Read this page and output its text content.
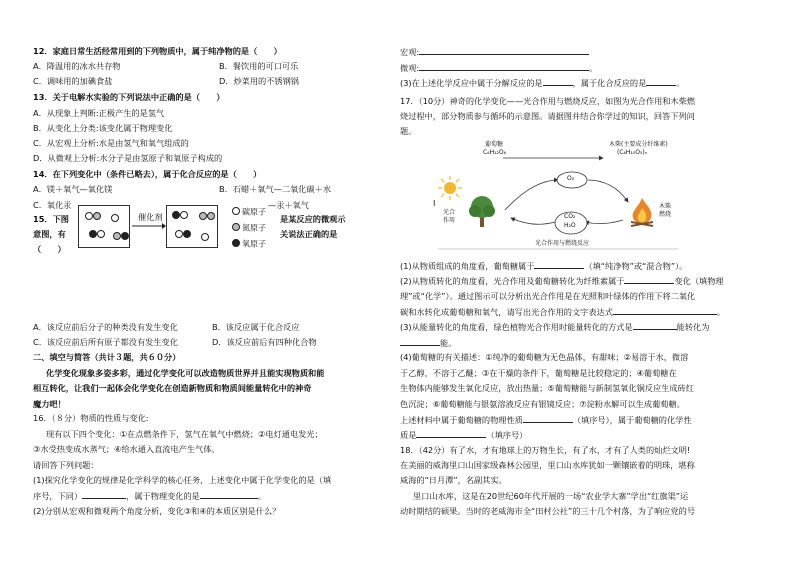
12．家庭日常生活经常用到的下列物质中，属于纯净物的是（　　）
A．降温用的冰水共存物	B．餐饮用的可口可乐
C．调味用的加碘食盐	D．炒菜用的不锈钢锅
13．关于电解水实验的下列说法中正确的是（　　）
A．从现象上判断:正极产生的是氢气
B．从变化上分类:该变化属于物理变化
C．从宏观上分析:水是由氢气和氧气组成的
D．从微观上分析:水分子是由氢原子和氧原子构成的
14．在下列变化中（条件已略去），属于化合反应的是（　　）
A．镁＋氧气—氧化镁	B．石蜡＋氧气—二氧化碳＋水
C．氧化汞	—汞＋氧气
15．下图
意图，有
（　　）
是某反应的微观示
关说法正确的是
催化剂	碳原子
氮原子
氧原子
A．该反应前后分子的种类没有发生变化	B．该反应属于化合反应
C．该反应前后所有原子都没有发生变化	D．该反应前后有四种化合物
二、填空与简答（共计３题，共６０分）
化学变化现象多姿多彩，通过化学变化可以改造物质世界并且能实现物质和能
相互转化，让我们一起体会化学变化在创造新物质和物质间能量转化中的神奇
魔力吧！
16．（８分）物质的性质与变化:
现有以下四个变化：①在点燃条件下，氢气在氧气中燃烧；②电灯通电发光；
③水受热变成水蒸气；④给水通入直流电产生气体。
请回答下列问题：
(1)探究化学变化的规律是化学科学的核心任务，上述变化中属于化学变化的是（填
序号，下同）	，属于物理变化的是	。
(2)分别从宏观和微观两个角度分析，变化③和④的本质区别是什么？
宏观:
微观:	。
(3)在上述化学反应中属于分解反应的是	，属于化合反应的是	。
17．（10分）神奇的化学变化——光合作用与燃烧反应，如图为光合作用和木柴燃
烧过程中，部分物质参与循环的示意图。请据图并结合你学过的知识，回答下列问
题。
葡萄糖
C₆H₁₂O₆
木柴(主要成分纤维素)
(C₆H₁₀O₅)ₙ
O₂
CO₂
H₂O
I
光合
作用
木柴
燃烧
光合作用与燃烧反应
(1)从物质组成的角度看，葡萄糖属于	（填“纯净物”或“混合物”）。
(2)从物质转化的角度看，光合作用及葡萄糖转化为纤维素属于	变化（填物理
理”或“化学”）。通过图示可以分析出光合作用是在光照和叶绿体的作用下将二氧化
碳和水转化成葡萄糖和氧气，请写出光合作用的文字表达式	。
(3)从能量转化的角度看，绿色植物光合作用时能量转化的方式是	能转化为
能。
(4)葡萄糖的有关描述：①纯净的葡萄糖为无色晶体，有甜味；②易溶于水，微溶
于乙醇，不溶于乙醚；③在干燥的条件下，葡萄糖是比较稳定的；④葡萄糖在
生物体内能够发生氧化反应，放出热量；⑤葡萄糖能与新制氢氧化铜反应生成砖红
色沉淀；⑥葡萄糖能与银氨溶液反应有银镜反应；⑦淀粉水解可以生成葡萄糖。
上述材料中属于葡萄糖的物理性质	（填序号），属于葡萄糖的化学性
质是	（填序号）
18．（42分）有了水，才有地球上的万物生长，有了水，才有了人类的灿烂文明!
在美丽的威海里口山国家级森林公园里，里口山水库犹如一颗镶嵌着的明珠，堪称
威海的“日月潭”，名副其实。
里口山水库，这是在20世纪60年代开展的一场“农业学大寨”学出“红旗渠”运
动时期结的硕果。当时的老威海市全“田村公社”的三十几个村落，为了响应党的号
